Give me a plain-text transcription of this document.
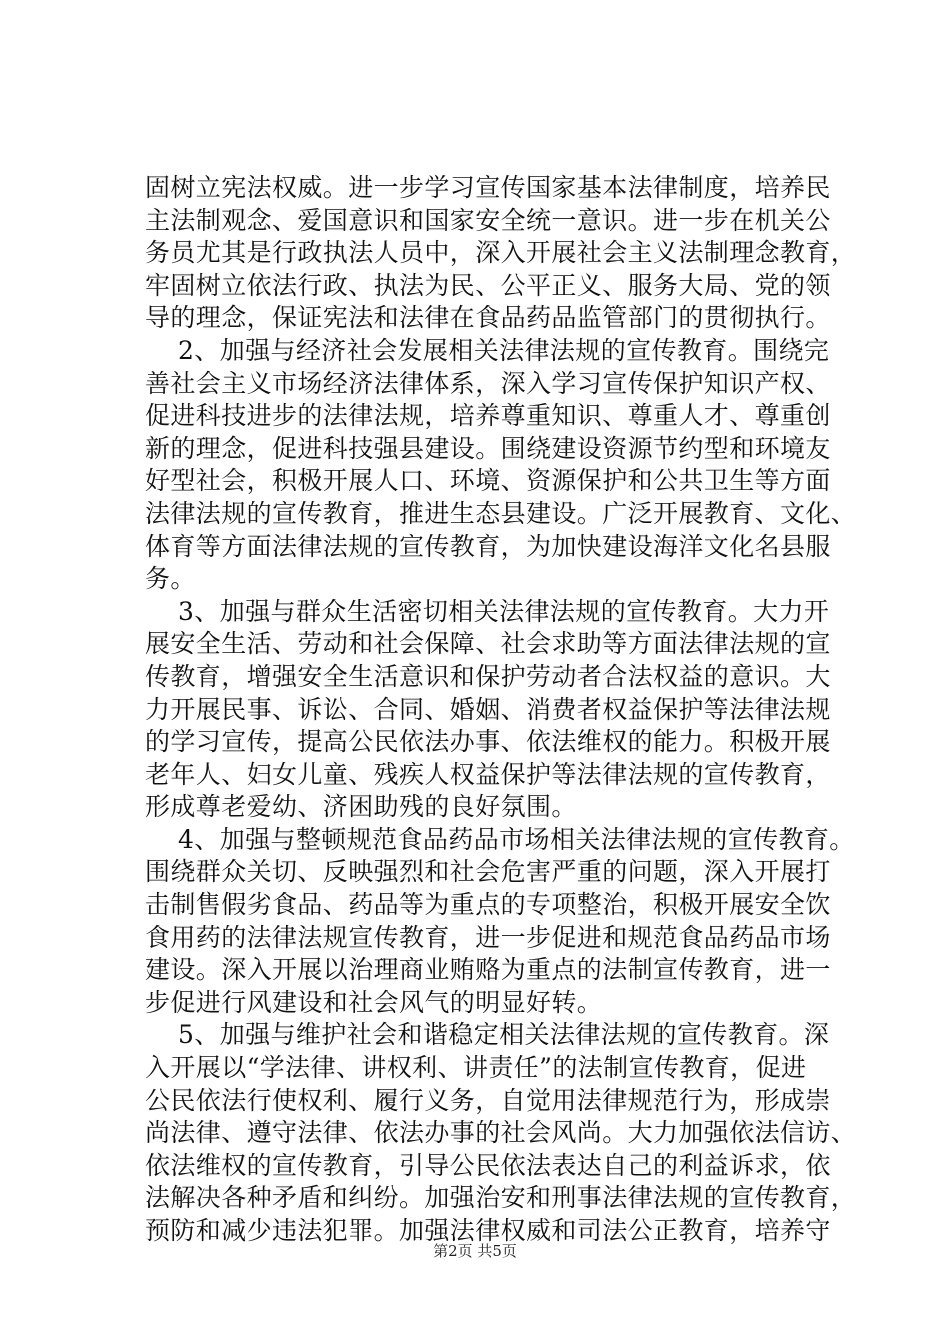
固树立宪法权威。进一步学习宣传国家基本法律制度，培养民
主法制观念、爱国意识和国家安全统一意识。进一步在机关公
务员尤其是行政执法人员中，深入开展社会主义法制理念教育，
牢固树立依法行政、执法为民、公平正义、服务大局、党的领
导的理念，保证宪法和法律在食品药品监管部门的贯彻执行。
2、加强与经济社会发展相关法律法规的宣传教育。围绕完
善社会主义市场经济法律体系，深入学习宣传保护知识产权、
促进科技进步的法律法规，培养尊重知识、尊重人才、尊重创
新的理念，促进科技强县建设。围绕建设资源节约型和环境友
好型社会，积极开展人口、环境、资源保护和公共卫生等方面
法律法规的宣传教育，推进生态县建设。广泛开展教育、文化、
体育等方面法律法规的宣传教育，为加快建设海洋文化名县服
务。
3、加强与群众生活密切相关法律法规的宣传教育。大力开
展安全生活、劳动和社会保障、社会求助等方面法律法规的宣
传教育，增强安全生活意识和保护劳动者合法权益的意识。大
力开展民事、诉讼、合同、婚姻、消费者权益保护等法律法规
的学习宣传，提高公民依法办事、依法维权的能力。积极开展
老年人、妇女儿童、残疾人权益保护等法律法规的宣传教育，
形成尊老爱幼、济困助残的良好氛围。
4、加强与整顿规范食品药品市场相关法律法规的宣传教育。
围绕群众关切、反映强烈和社会危害严重的问题，深入开展打
击制售假劣食品、药品等为重点的专项整治，积极开展安全饮
食用药的法律法规宣传教育，进一步促进和规范食品药品市场
建设。深入开展以治理商业贿赂为重点的法制宣传教育，进一
步促进行风建设和社会风气的明显好转。
5、加强与维护社会和谐稳定相关法律法规的宣传教育。深
入开展以“学法律、讲权利、讲责任”的法制宣传教育，促进
公民依法行使权利、履行义务，自觉用法律规范行为，形成崇
尚法律、遵守法律、依法办事的社会风尚。大力加强依法信访、
依法维权的宣传教育，引导公民依法表达自己的利益诉求，依
法解决各种矛盾和纠纷。加强治安和刑事法律法规的宣传教育，
预防和减少违法犯罪。加强法律权威和司法公正教育，培养守
第2页 共5页
